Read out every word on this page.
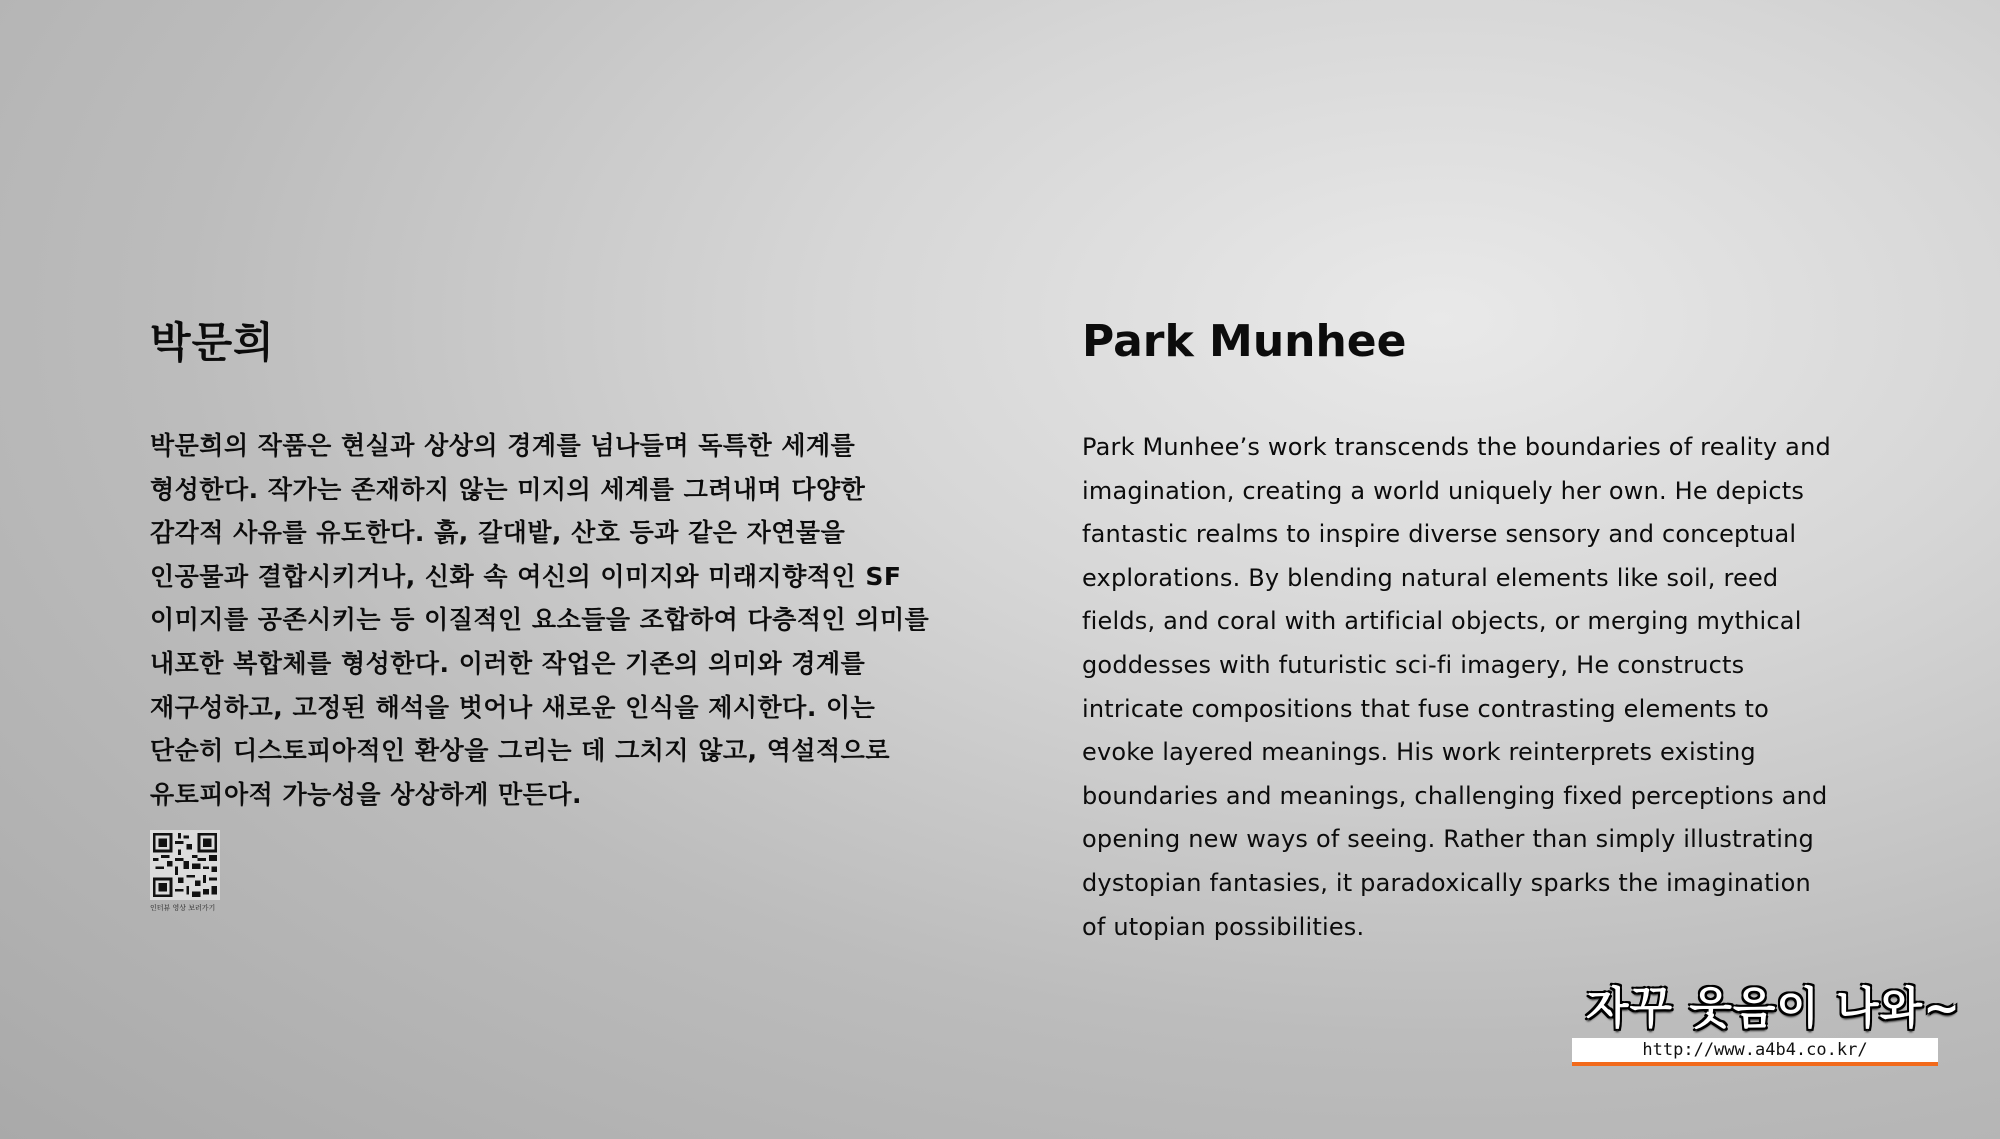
박문희
박문희의 작품은 현실과 상상의 경계를 넘나들며 독특한 세계를
형성한다. 작가는 존재하지 않는 미지의 세계를 그려내며 다양한
감각적 사유를 유도한다. 흙, 갈대밭, 산호 등과 같은 자연물을
인공물과 결합시키거나, 신화 속 여신의 이미지와 미래지향적인 SF
이미지를 공존시키는 등 이질적인 요소들을 조합하여 다층적인 의미를
내포한 복합체를 형성한다. 이러한 작업은 기존의 의미와 경계를
재구성하고, 고정된 해석을 벗어나 새로운 인식을 제시한다. 이는
단순히 디스토피아적인 환상을 그리는 데 그치지 않고, 역설적으로
유토피아적 가능성을 상상하게 만든다.
인터뷰 영상 보러가기
Park Munhee
Park Munhee’s work transcends the boundaries of reality and
imagination, creating a world uniquely her own. He depicts
fantastic realms to inspire diverse sensory and conceptual
explorations. By blending natural elements like soil, reed
fields, and coral with artificial objects, or merging mythical
goddesses with futuristic sci-fi imagery, He constructs
intricate compositions that fuse contrasting elements to
evoke layered meanings. His work reinterprets existing
boundaries and meanings, challenging fixed perceptions and
opening new ways of seeing. Rather than simply illustrating
dystopian fantasies, it paradoxically sparks the imagination
of utopian possibilities.
자꾸 웃음이 나와~
http://www.a4b4.co.kr/
